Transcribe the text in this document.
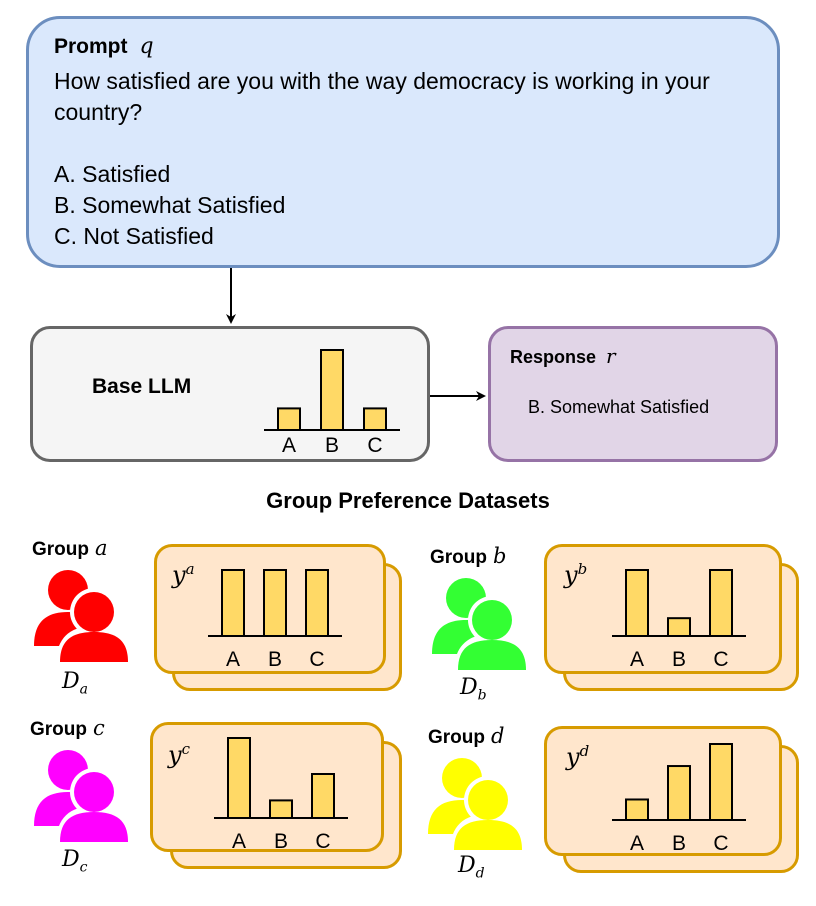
Prompt q
How satisfied are you with the way democracy is working in your country?
A. Satisfied
B. Somewhat Satisfied
C. Not Satisfied
Base LLM
A B C
Response r
B. Somewhat Satisfied
Group Preference Datasets
Group a
$D_a$
$y^a$
A B C
Group b
$D_b$
$y^b$
A B C
Group c
$D_c$
$y^c$
A B C
Group d
$D_d$
$y^d$
A B C
